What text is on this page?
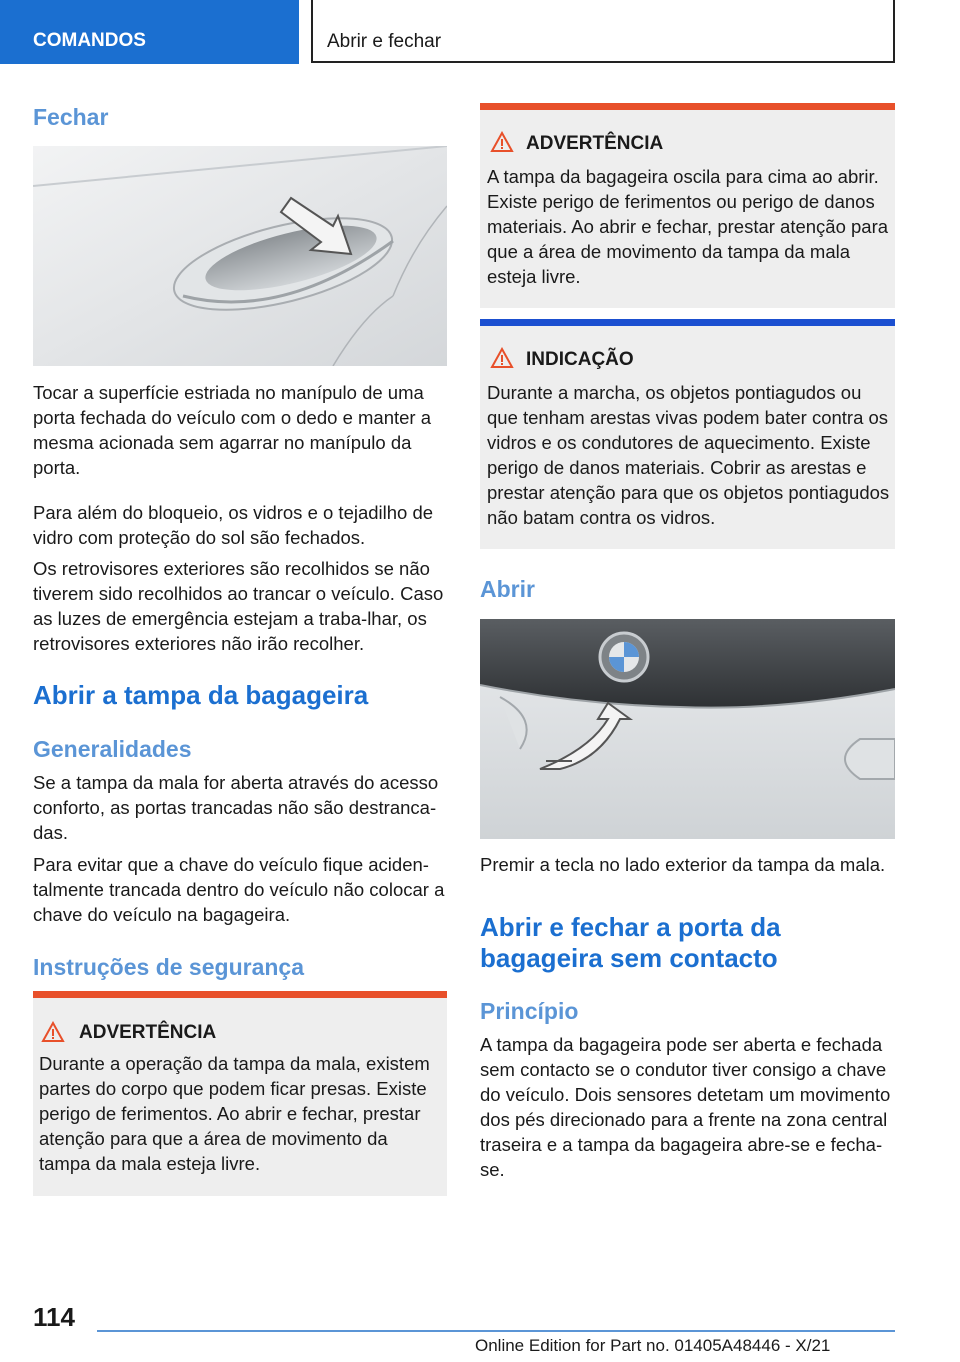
COMANDOS	Abrir e fechar
Fechar
Tocar a superfície estriada no manípulo de uma porta fechada do veículo com o dedo e manter a mesma acionada sem agarrar no manípulo da porta.
Para além do bloqueio, os vidros e o tejadilho de vidro com proteção do sol são fechados.
Os retrovisores exteriores são recolhidos se não tiverem sido recolhidos ao trancar o veículo. Caso as luzes de emergência estejam a traba-lhar, os retrovisores exteriores não irão recolher.
Abrir a tampa da bagageira
Generalidades
Se a tampa da mala for aberta através do acesso conforto, as portas trancadas não são destranca-das.
Para evitar que a chave do veículo fique aciden-talmente trancada dentro do veículo não colocar a chave do veículo na bagageira.
Instruções de segurança
ADVERTÊNCIA
Durante a operação da tampa da mala, existem partes do corpo que podem ficar presas. Existe perigo de ferimentos. Ao abrir e fechar, prestar atenção para que a área de movimento da tampa da mala esteja livre.
ADVERTÊNCIA
A tampa da bagageira oscila para cima ao abrir. Existe perigo de ferimentos ou perigo de danos materiais. Ao abrir e fechar, prestar atenção para que a área de movimento da tampa da mala esteja livre.
INDICAÇÃO
Durante a marcha, os objetos pontiagudos ou que tenham arestas vivas podem bater contra os vidros e os condutores de aquecimento. Existe perigo de danos materiais. Cobrir as arestas e prestar atenção para que os objetos pontiagudos não batam contra os vidros.
Abrir
Premir a tecla no lado exterior da tampa da mala.
Abrir e fechar a porta da bagageira sem contacto
Princípio
A tampa da bagageira pode ser aberta e fechada sem contacto se o condutor tiver consigo a chave do veículo. Dois sensores detetam um movimento dos pés direcionado para a frente na zona central traseira e a tampa da bagageira abre-se e fecha-se.
114
Online Edition for Part no. 01405A48446 - X/21
